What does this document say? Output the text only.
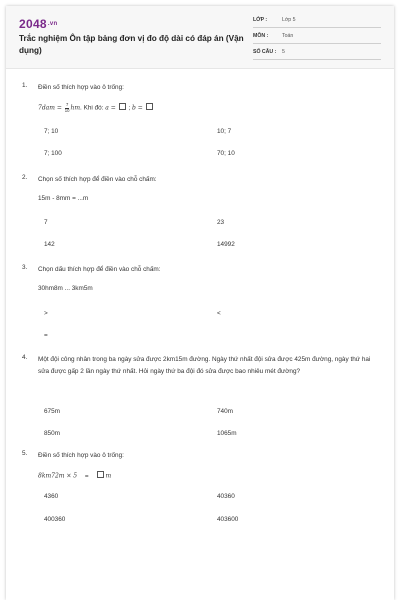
$2048^{.vn}$
Trắc nghiệm Ôn tập bảng đơn vị đo độ dài có đáp án (Vận dụng)
LỚP :	Lớp 5
MÔN :	Toán
SỐ CÂU : 5
1. Điền số thích hợp vào ô trống:
$7dam = \frac{7}{10}hm$. Khi đó: a =  ; b =
7; 10	10; 7
7; 100	70; 10
2. Chọn số thích hợp để điền vào chỗ chấm:
15m - 8mm = ...m
7	23
142	14992
3. Chọn dấu thích hợp để điền vào chỗ chấm:
30hm8m ... 3km5m
>	<
=
4. Một đội công nhân trong ba ngày sửa được 2km15m đường. Ngày thứ nhất đội sửa được 425m đường, ngày thứ hai sửa được gấp 2 lần ngày thứ nhất. Hỏi ngày thứ ba đội đó sửa được bao nhiêu mét đường?
675m	740m
850m	1065m
5. Điền số thích hợp vào ô trống:
8km72m × 5 =	m
4360	40360
400360	403600
